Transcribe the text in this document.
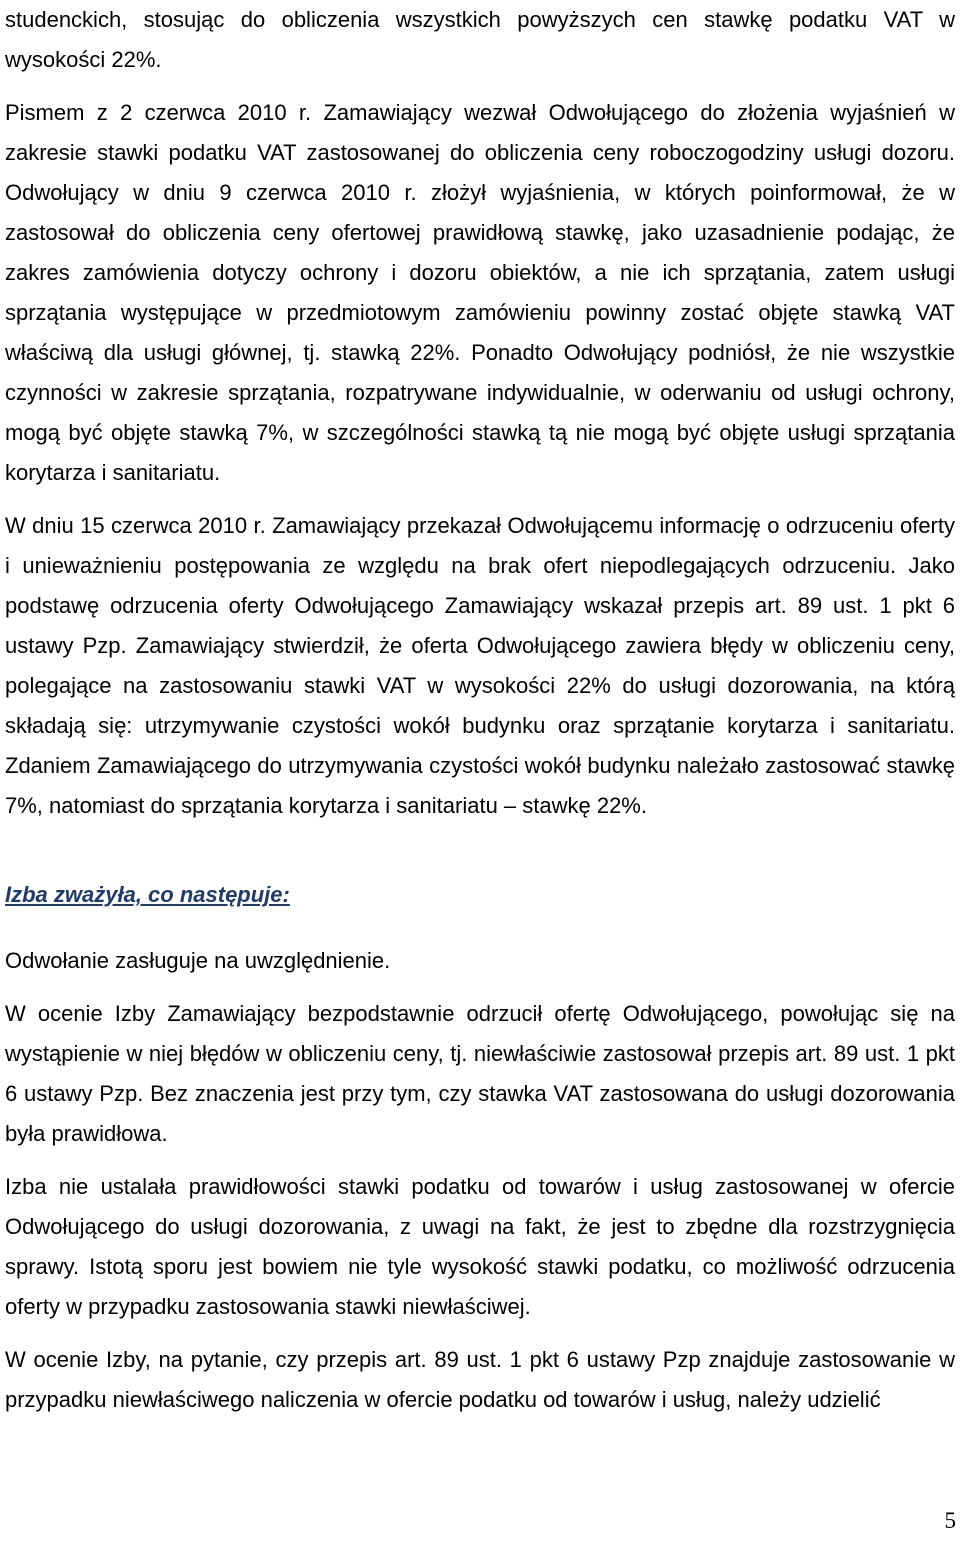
studenckich, stosując do obliczenia wszystkich powyższych cen stawkę podatku VAT w wysokości 22%.

Pismem z 2 czerwca 2010 r. Zamawiający wezwał Odwołującego do złożenia wyjaśnień w zakresie stawki podatku VAT zastosowanej do obliczenia ceny roboczogodziny usługi dozoru. Odwołujący w dniu 9 czerwca 2010 r. złożył wyjaśnienia, w których poinformował, że w zastosował do obliczenia ceny ofertowej prawidłową stawkę, jako uzasadnienie podając, że zakres zamówienia dotyczy ochrony i dozoru obiektów, a nie ich sprzątania, zatem usługi sprzątania występujące w przedmiotowym zamówieniu powinny zostać objęte stawką VAT właściwą dla usługi głównej, tj. stawką 22%. Ponadto Odwołujący podniósł, że nie wszystkie czynności w zakresie sprzątania, rozpatrywane indywidualnie, w oderwaniu od usługi ochrony, mogą być objęte stawką 7%, w szczególności stawką tą nie mogą być objęte usługi sprzątania korytarza i sanitariatu.

W dniu 15 czerwca 2010 r. Zamawiający przekazał Odwołującemu informację o odrzuceniu oferty i unieważnieniu postępowania ze względu na brak ofert niepodlegających odrzuceniu. Jako podstawę odrzucenia oferty Odwołującego Zamawiający wskazał przepis art. 89 ust. 1 pkt 6 ustawy Pzp. Zamawiający stwierdził, że oferta Odwołującego zawiera błędy w obliczeniu ceny, polegające na zastosowaniu stawki VAT w wysokości 22% do usługi dozorowania, na którą składają się: utrzymywanie czystości wokół budynku oraz sprzątanie korytarza i sanitariatu. Zdaniem Zamawiającego do utrzymywania czystości wokół budynku należało zastosować stawkę 7%, natomiast do sprzątania korytarza i sanitariatu – stawkę 22%.

Izba zważyła, co następuje:

Odwołanie zasługuje na uwzględnienie.

W ocenie Izby Zamawiający bezpodstawnie odrzucił ofertę Odwołującego, powołując się na wystąpienie w niej błędów w obliczeniu ceny, tj. niewłaściwie zastosował przepis art. 89 ust. 1 pkt 6 ustawy Pzp. Bez znaczenia jest przy tym, czy stawka VAT zastosowana do usługi dozorowania była prawidłowa.

Izba nie ustalała prawidłowości stawki podatku od towarów i usług zastosowanej w ofercie Odwołującego do usługi dozorowania, z uwagi na fakt, że jest to zbędne dla rozstrzygnięcia sprawy. Istotą sporu jest bowiem nie tyle wysokość stawki podatku, co możliwość odrzucenia oferty w przypadku zastosowania stawki niewłaściwej.

W ocenie Izby, na pytanie, czy przepis art. 89 ust. 1 pkt 6 ustawy Pzp znajduje zastosowanie w przypadku niewłaściwego naliczenia w ofercie podatku od towarów i usług, należy udzielić

5
